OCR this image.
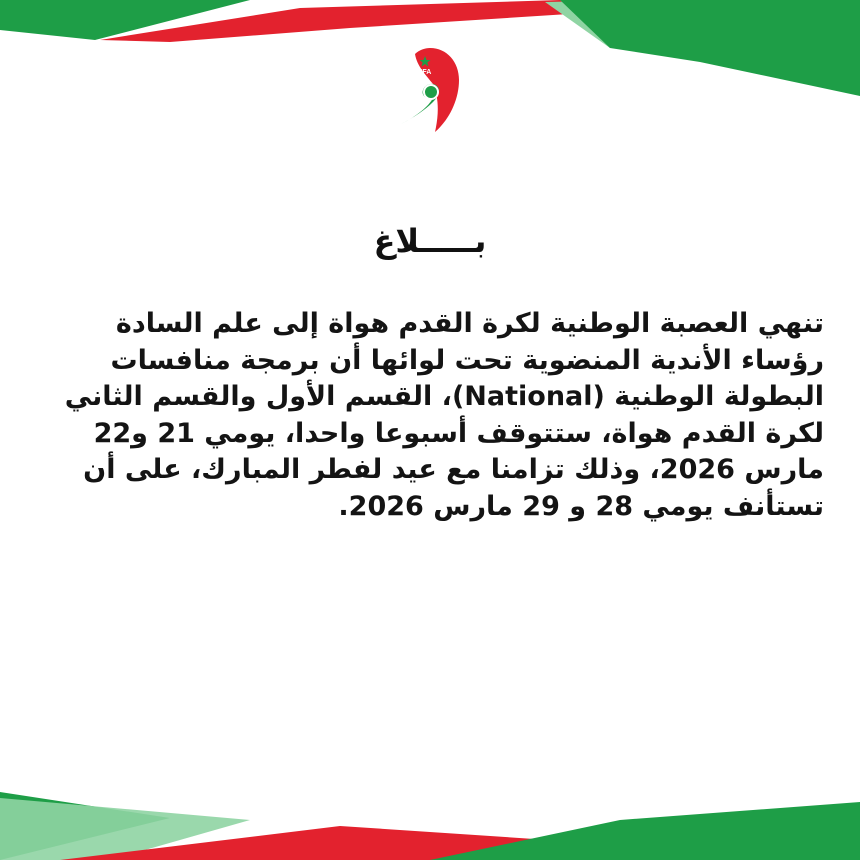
LNFA
بـــــلاغ

تنهي العصبة الوطنية لكرة القدم هواة إلى علم السادة
رؤساء الأندية المنضوية تحت لوائها أن برمجة منافسات
البطولة الوطنية (National)، القسم الأول والقسم الثاني
لكرة القدم هواة، ستتوقف أسبوعا واحدا، يومي 21 و22
مارس 2026، وذلك تزامنا مع عيد لفطر المبارك، على أن
تستأنف يومي 28 و 29 مارس 2026.
